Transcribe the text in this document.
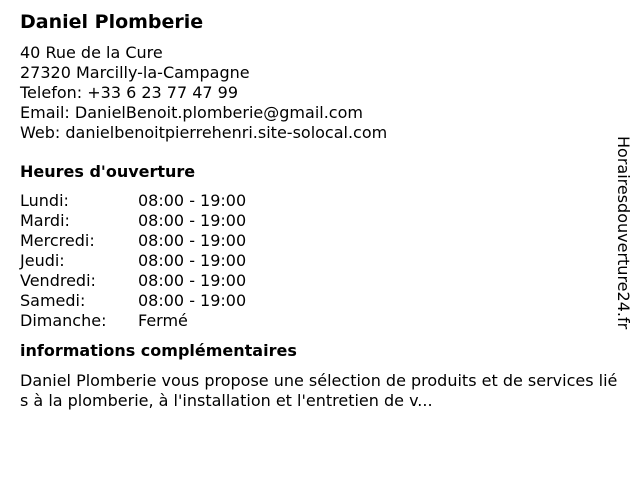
Daniel Plomberie
40 Rue de la Cure
27320 Marcilly-la-Campagne
Telefon: +33 6 23 77 47 99
Email: DanielBenoit.plomberie@gmail.com
Web: danielbenoitpierrehenri.site-solocal.com
Heures d'ouverture
Lundi:	08:00 - 19:00
Mardi:	08:00 - 19:00
Mercredi:	08:00 - 19:00
Jeudi:	08:00 - 19:00
Vendredi:	08:00 - 19:00
Samedi:	08:00 - 19:00
Dimanche:	Fermé
informations complémentaires
Daniel Plomberie vous propose une sélection de produits et de services liés à la plomberie, à l'installation et l'entretien de v...
Horairesdouverture24.fr
